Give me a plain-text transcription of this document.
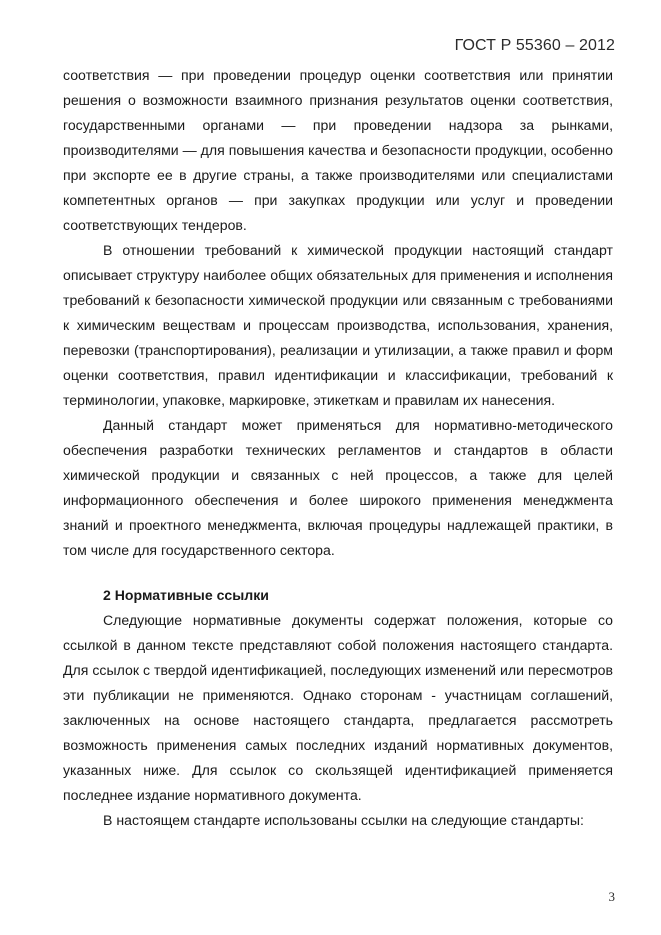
ГОСТ Р 55360 – 2012

соответствия — при проведении процедур оценки соответствия или принятии решения о возможности взаимного признания результатов оценки соответствия, государственными органами — при проведении надзора за рынками, производителями — для повышения качества и безопасности продукции, особенно при экспорте ее в другие страны, а также производителями или специалистами компетентных органов — при закупках продукции или услуг и проведении соответствующих тендеров.

В отношении требований к химической продукции настоящий стандарт описывает структуру наиболее общих обязательных для применения и исполнения требований к безопасности химической продукции или связанным с требованиями к химическим веществам и процессам производства, использования, хранения, перевозки (транспортирования), реализации и утилизации, а также правил и форм оценки соответствия, правил идентификации и классификации, требований к терминологии, упаковке, маркировке, этикеткам и правилам их нанесения.

Данный стандарт может применяться для нормативно-методического обеспечения разработки технических регламентов и стандартов в области химической продукции и связанных с ней процессов, а также для целей информационного обеспечения и более широкого применения менеджмента знаний и проектного менеджмента, включая процедуры надлежащей практики, в том числе для государственного сектора.

2 Нормативные ссылки

Следующие нормативные документы содержат положения, которые со ссылкой в данном тексте представляют собой положения настоящего стандарта. Для ссылок с твердой идентификацией, последующих изменений или пересмотров эти публикации не применяются. Однако сторонам - участницам соглашений, заключенных на основе настоящего стандарта, предлагается рассмотреть возможность применения самых последних изданий нормативных документов, указанных ниже. Для ссылок со скользящей идентификацией применяется последнее издание нормативного документа.

В настоящем стандарте использованы ссылки на следующие стандарты:

3
